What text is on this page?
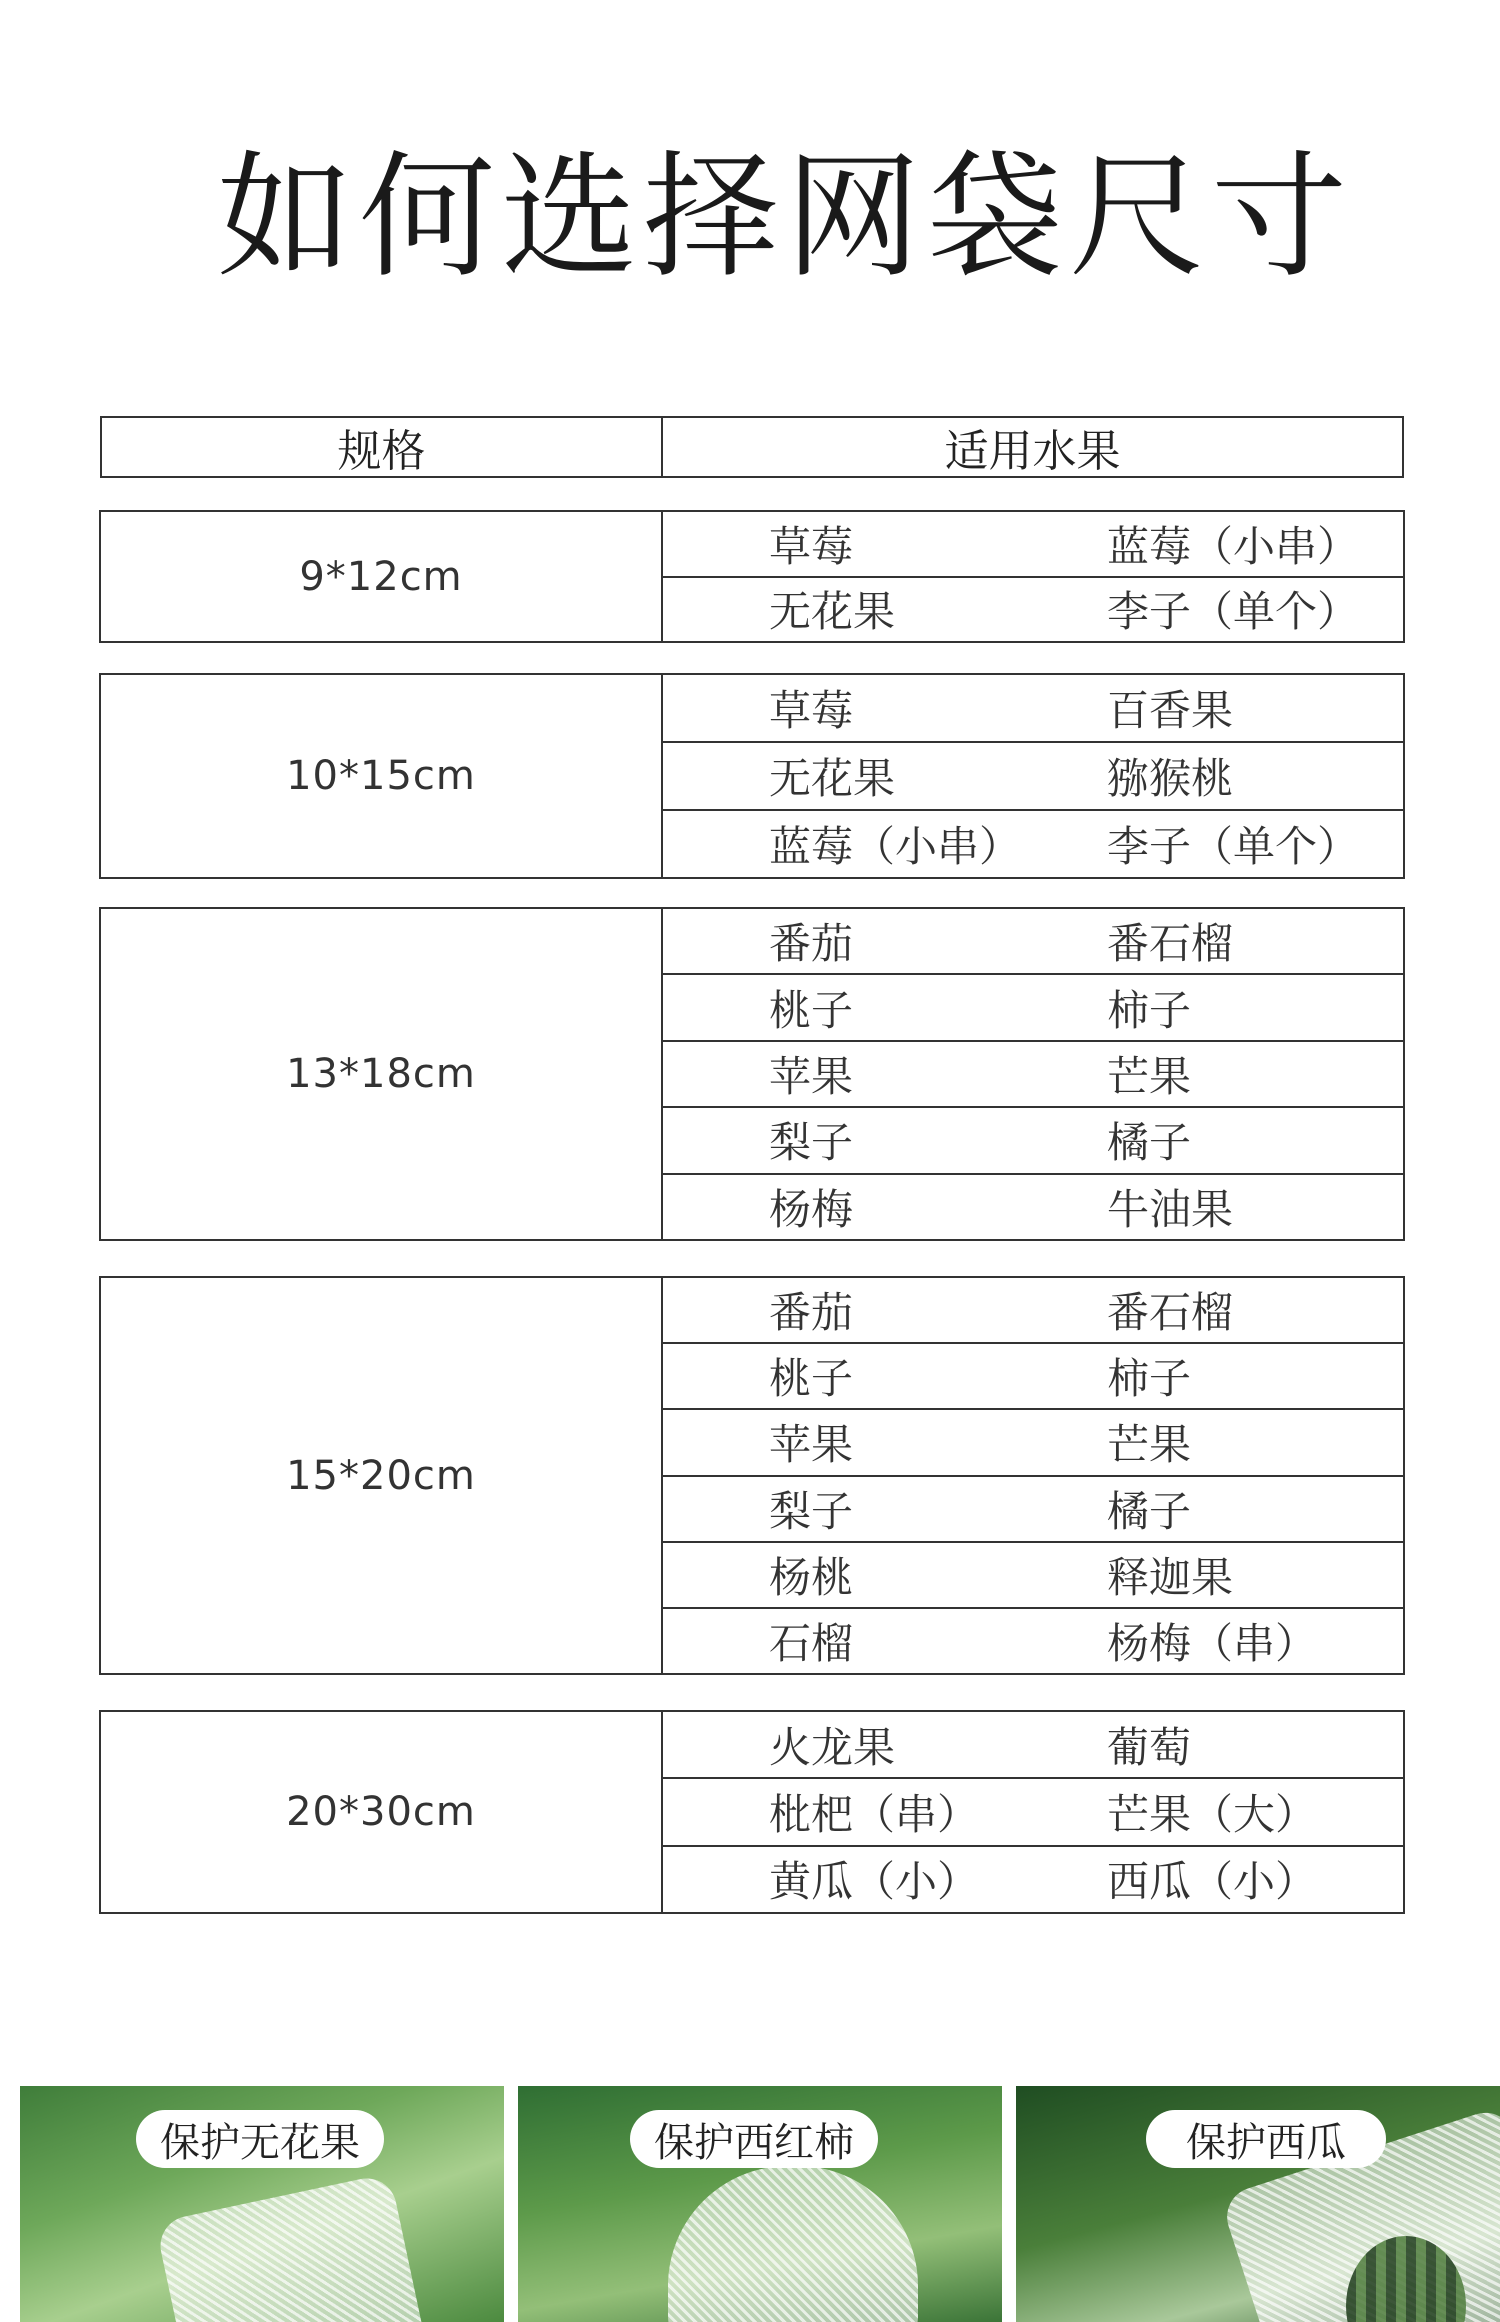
如何选择网袋尺寸
规格	适用水果
9*12cm
草莓	蓝莓（小串）
无花果	李子（单个）
10*15cm
草莓	百香果
无花果	猕猴桃
蓝莓（小串）	李子（单个）
13*18cm
番茄	番石榴
桃子	柿子
苹果	芒果
梨子	橘子
杨梅	牛油果
15*20cm
番茄	番石榴
桃子	柿子
苹果	芒果
梨子	橘子
杨桃	释迦果
石榴	杨梅（串）
20*30cm
火龙果	葡萄
枇杷（串）	芒果（大）
黄瓜（小）	西瓜（小）
保护无花果	保护西红柿	保护西瓜
